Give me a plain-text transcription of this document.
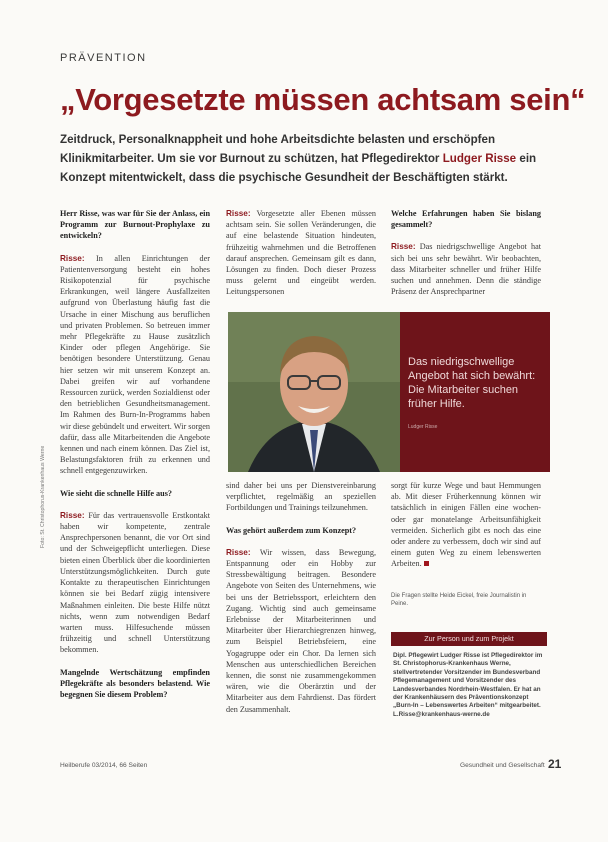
PRÄVENTION
„Vorgesetzte müssen achtsam sein“
Zeitdruck, Personalknappheit und hohe Arbeitsdichte belasten und erschöpfen Klinikmitarbeiter. Um sie vor Burnout zu schützen, hat Pflegedirektor Ludger Risse ein Konzept mitentwickelt, dass die psychische Gesundheit der Beschäftigten stärkt.

Herr Risse, was war für Sie der Anlass, ein Programm zur Burnout-Prophylaxe zu entwickeln?

Risse: In allen Einrichtungen der Patientenversorgung besteht ein hohes Risikopotenzial für psychische Erkrankungen, weil längere Ausfallzeiten aufgrund von Überlastung häufig fast die Ursache in einer Mischung aus beruflichen und privaten Problemen. So betreuen immer mehr Pflegekräfte zu Hause zusätzlich Kinder oder pflegen Angehörige. Sie benötigen besondere Unterstützung. Genau hier setzen wir mit unserem Konzept an. Dabei greifen wir auf vorhandene Ressourcen zurück, werden Sozialdienst oder den betrieblichen Gesundheitsmanagement. Im Rahmen des Burn-In-Programms haben wir diese gebündelt und erweitert. Wir sorgen dafür, dass alle Mitarbeitenden die Angebote kennen und nach einem können. Das Ziel ist, Belastungsfaktoren früh zu erkennen und schnell entgegenzuwirken.

Wie sieht die schnelle Hilfe aus?

Risse: Für das vertrauensvolle Erstkontakt haben wir kompetente, zentrale Ansprechpersonen benannt, die vor Ort sind und der Schweigepflicht unterliegen. Diese bieten einen Überblick über die koordinierten Unterstützungsmöglichkeiten. Durch gute Kontakte zu therapeutischen Einrichtungen können sie bei Bedarf zügig intensivere Maßnahmen einleiten. Die beste Hilfe nützt nichts, wenn zum notwendigen Bedarf warten muss. Hilfesuchende müssen frühzeitig und schnell Unterstützung bekommen.

Mangelnde Wertschätzung empfinden Pflegekräfte als besonders belastend. Wie begegnen Sie diesem Problem?

Risse: Vorgesetzte aller Ebenen müssen achtsam sein. Sie sollen Veränderungen, die auf eine belastende Situation hindeuten, frühzeitig wahrnehmen und die Betroffenen darauf ansprechen. Gemeinsam gilt es dann, Lösungen zu finden. Doch dieser Prozess muss gelernt und eingeübt werden. Leitungspersonen

Welche Erfahrungen haben Sie bislang gesammelt?

Risse: Das niedrigschwellige Angebot hat sich bei uns sehr bewährt. Wir beobachten, dass Mitarbeiter schneller und früher Hilfe suchen und annehmen. Denn die ständige Präsenz der Ansprechpartner

Das niedrigschwellige Angebot hat sich bewährt: Die Mitarbeiter suchen früher Hilfe.
Ludger Risse

sind daher bei uns per Dienstvereinbarung verpflichtet, regelmäßig an speziellen Fortbildungen und Trainings teilzunehmen.

Was gehört außerdem zum Konzept?

Risse: Wir wissen, dass Bewegung, Entspannung oder ein Hobby zur Stressbewältigung beitragen. Besondere Angebote von Seiten des Unternehmens, wie bei uns der Betriebssport, erleichtern den Zugang. Wichtig sind auch gemeinsame Erlebnisse der Mitarbeiterinnen und Mitarbeiter über Hierarchiegrenzen hinweg, zum Beispiel Betriebsfeiern, eine Yogagruppe oder ein Chor. Da lernen sich Menschen aus unterschiedlichen Bereichen kennen, die sonst nie zusammengekommen wären, wie die Oberärztin und der Mitarbeiter aus dem Fahrdienst. Das fördert den Zusammenhalt.

sorgt für kurze Wege und baut Hemmungen ab. Mit dieser Früherkennung können wir tatsächlich in einigen Fällen eine wochen- oder gar monatelange Arbeitsunfähigkeit vermeiden. Sicherlich gibt es noch das eine oder andere zu verbessern, doch wir sind auf einem guten Weg zu einem lebenswerten Arbeiten.

Die Fragen stellte Heide Eickel, freie Journalistin in Peine.
Zur Person und zum Projekt
Dipl. Pflegewirt Ludger Risse ist Pflegedirektor im St. Christophorus-Krankenhaus Werne, stellvertretender Vorsitzender im Bundesverband Pflegemanagement und Vorsitzender des Landesverbandes Nordrhein-Westfalen. Er hat an der Krankenhäusern des Präventionskonzept „Burn-In – Lebenswertes Arbeiten“ mitgearbeitet. L.Risse@krankenhaus-werne.de
Heilberufe 03/2014, 66 Seiten	Gesundheit und Gesellschaft 21
Foto: St. Christophorus-Krankenhaus Werne
